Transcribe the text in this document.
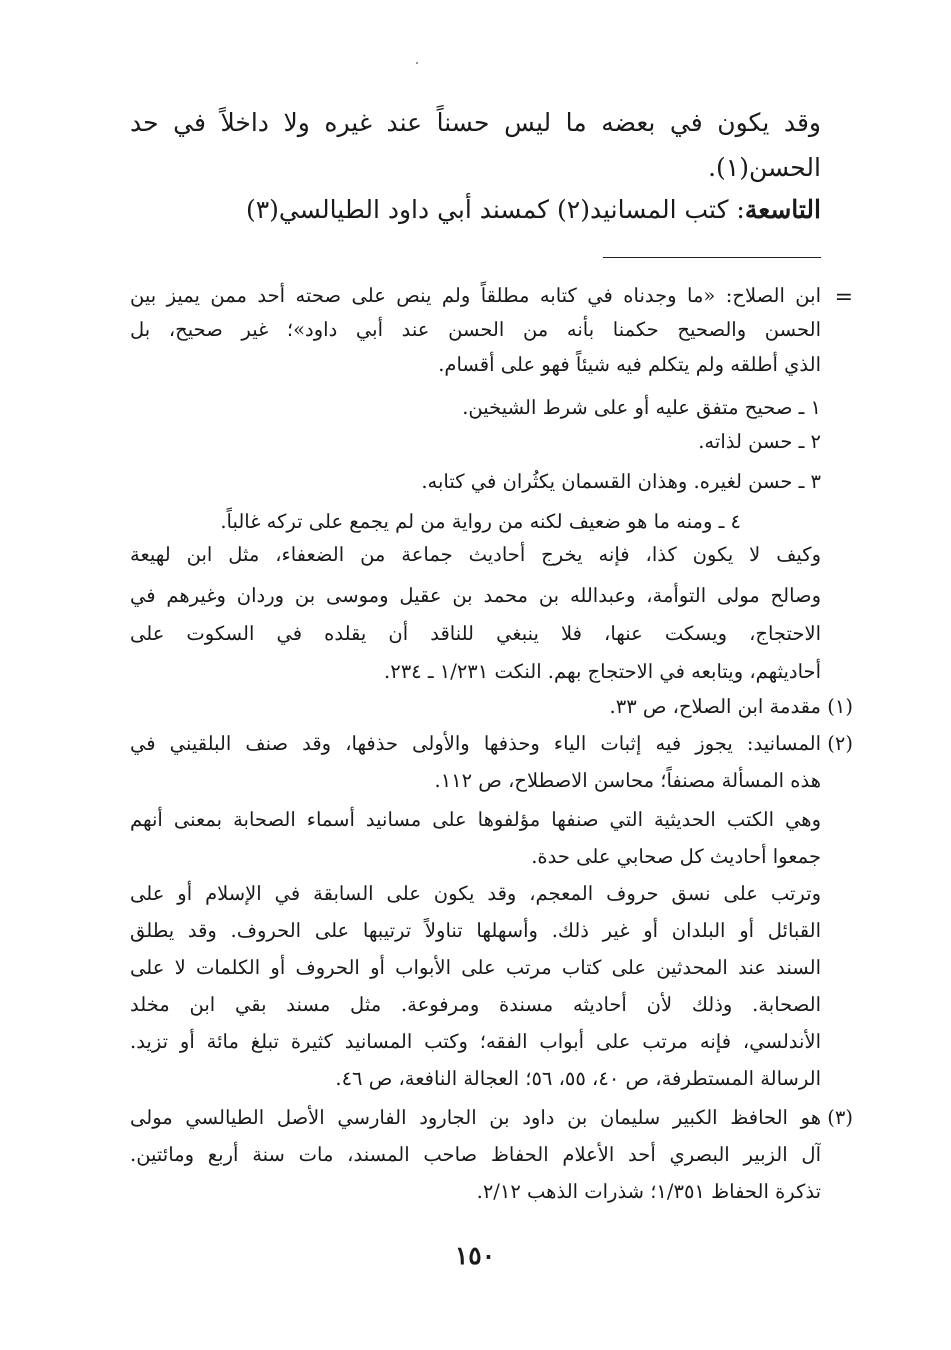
وقد يكون في بعضه ما ليس حسناً عند غيره ولا داخلاً في حد
الحسن(١).
التاسعة: كتب المسانيد(٢) كمسند أبي داود الطيالسي(٣)
=
ابن الصلاح: «ما وجدناه في كتابه مطلقاً ولم ينص على صحته أحد ممن يميز بين
الحسن والصحيح حكمنا بأنه من الحسن عند أبي داود»؛ غير صحيح، بل
الذي أطلقه ولم يتكلم فيه شيئاً فهو على أقسام.
١ ـ صحيح متفق عليه أو على شرط الشيخين.
٢ ـ حسن لذاته.
٣ ـ حسن لغيره. وهذان القسمان يكثُران في كتابه.
٤ ـ ومنه ما هو ضعيف لكنه من رواية من لم يجمع على تركه غالباً.
وكيف لا يكون كذا، فإنه يخرج أحاديث جماعة من الضعفاء، مثل ابن لهيعة
وصالح مولى التوأمة، وعبدالله بن محمد بن عقيل وموسى بن وردان وغيرهم في
الاحتجاج، ويسكت عنها، فلا ينبغي للناقد أن يقلده في السكوت على
أحاديثهم، ويتابعه في الاحتجاج بهم. النكت ١/٢٣١ ـ ٢٣٤.
(١)
مقدمة ابن الصلاح، ص ٣٣.
(٢)
المسانيد: يجوز فيه إثبات الياء وحذفها والأولى حذفها، وقد صنف البلقيني في
هذه المسألة مصنفاً؛ محاسن الاصطلاح، ص ١١٢.
وهي الكتب الحديثية التي صنفها مؤلفوها على مسانيد أسماء الصحابة بمعنى أنهم
جمعوا أحاديث كل صحابي على حدة.
وترتب على نسق حروف المعجم، وقد يكون على السابقة في الإسلام أو على
القبائل أو البلدان أو غير ذلك. وأسهلها تناولاً ترتيبها على الحروف. وقد يطلق
السند عند المحدثين على كتاب مرتب على الأبواب أو الحروف أو الكلمات لا على
الصحابة. وذلك لأن أحاديثه مسندة ومرفوعة. مثل مسند بقي ابن مخلد
الأندلسي، فإنه مرتب على أبواب الفقه؛ وكتب المسانيد كثيرة تبلغ مائة أو تزيد.
الرسالة المستطرفة، ص ٤٠، ٥٥، ٥٦؛ العجالة النافعة، ص ٤٦.
(٣)
هو الحافظ الكبير سليمان بن داود بن الجارود الفارسي الأصل الطيالسي مولى
آل الزبير البصري أحد الأعلام الحفاظ صاحب المسند، مات سنة أربع ومائتين.
تذكرة الحفاظ ١/٣٥١؛ شذرات الذهب ٢/١٢.
١٥٠
